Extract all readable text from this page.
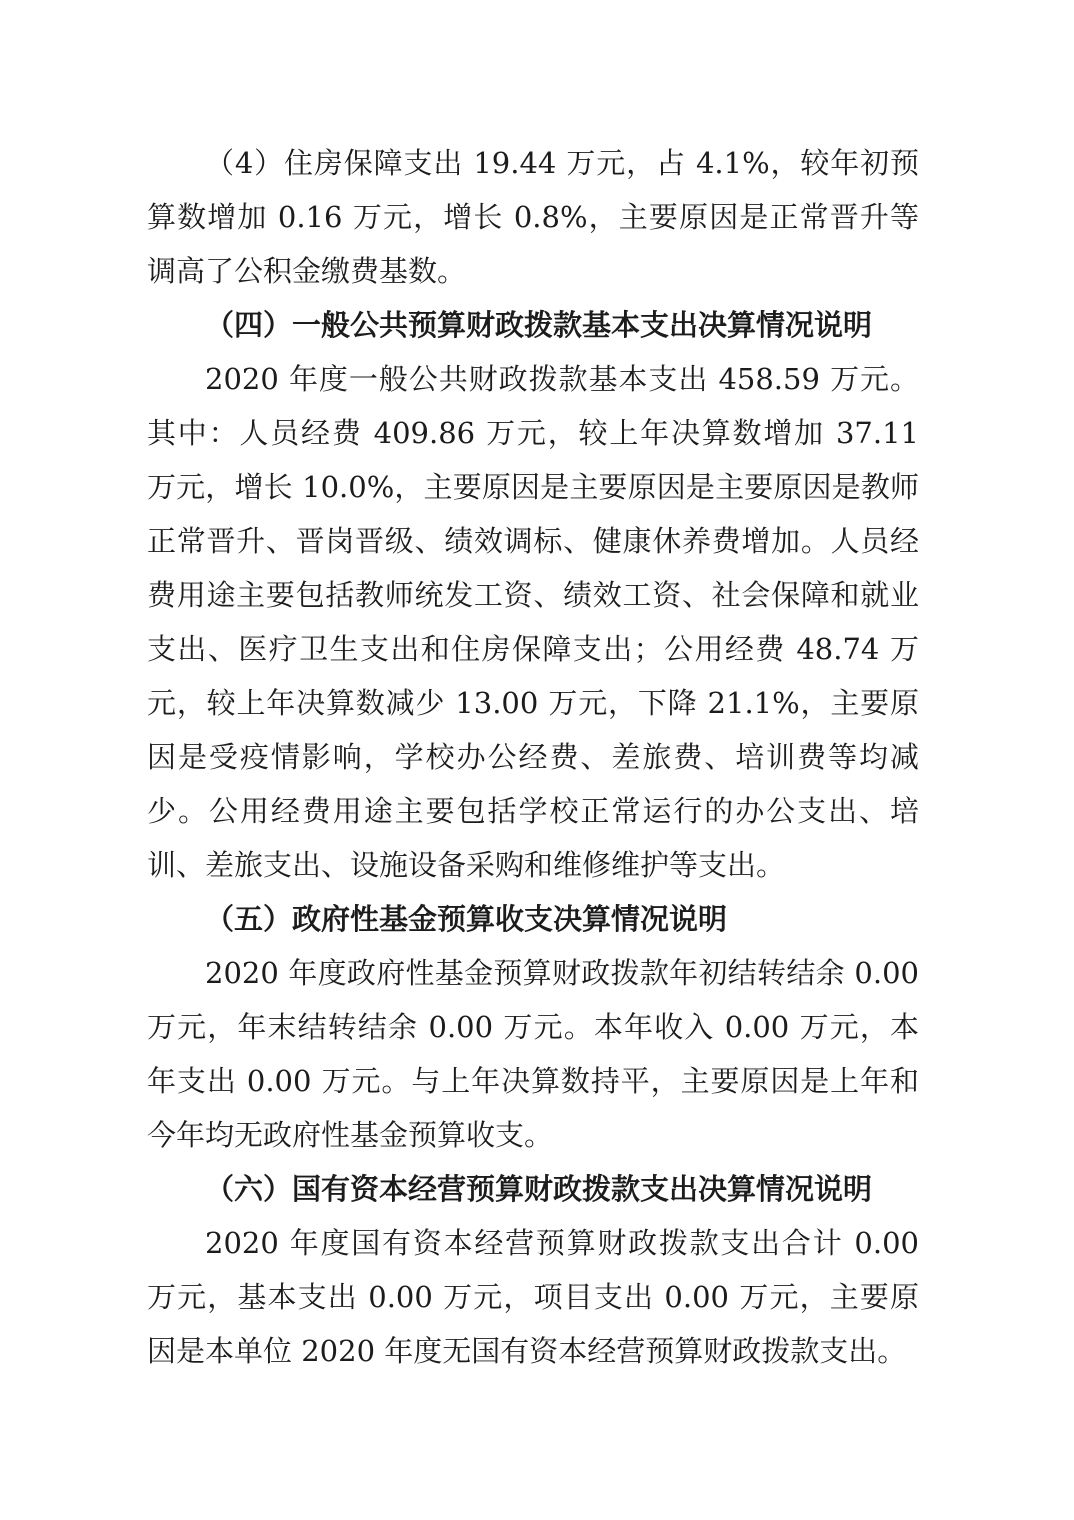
（4）住房保障支出 19.44 万元，占 4.1%，较年初预算数增加 0.16 万元，增长 0.8%，主要原因是正常晋升等调高了公积金缴费基数。

（四）一般公共预算财政拨款基本支出决算情况说明

2020 年度一般公共财政拨款基本支出 458.59 万元。其中：人员经费 409.86 万元，较上年决算数增加 37.11 万元，增长 10.0%，主要原因是主要原因是主要原因是教师正常晋升、晋岗晋级、绩效调标、健康休养费增加。人员经费用途主要包括教师统发工资、绩效工资、社会保障和就业支出、医疗卫生支出和住房保障支出；公用经费 48.74 万元，较上年决算数减少 13.00 万元，下降 21.1%，主要原因是受疫情影响，学校办公经费、差旅费、培训费等均减少。公用经费用途主要包括学校正常运行的办公支出、培训、差旅支出、设施设备采购和维修维护等支出。

（五）政府性基金预算收支决算情况说明

2020 年度政府性基金预算财政拨款年初结转结余 0.00 万元，年末结转结余 0.00 万元。本年收入 0.00 万元，本年支出 0.00 万元。与上年决算数持平，主要原因是上年和今年均无政府性基金预算收支。

（六）国有资本经营预算财政拨款支出决算情况说明

2020 年度国有资本经营预算财政拨款支出合计 0.00 万元，基本支出 0.00 万元，项目支出 0.00 万元，主要原因是本单位 2020 年度无国有资本经营预算财政拨款支出。
